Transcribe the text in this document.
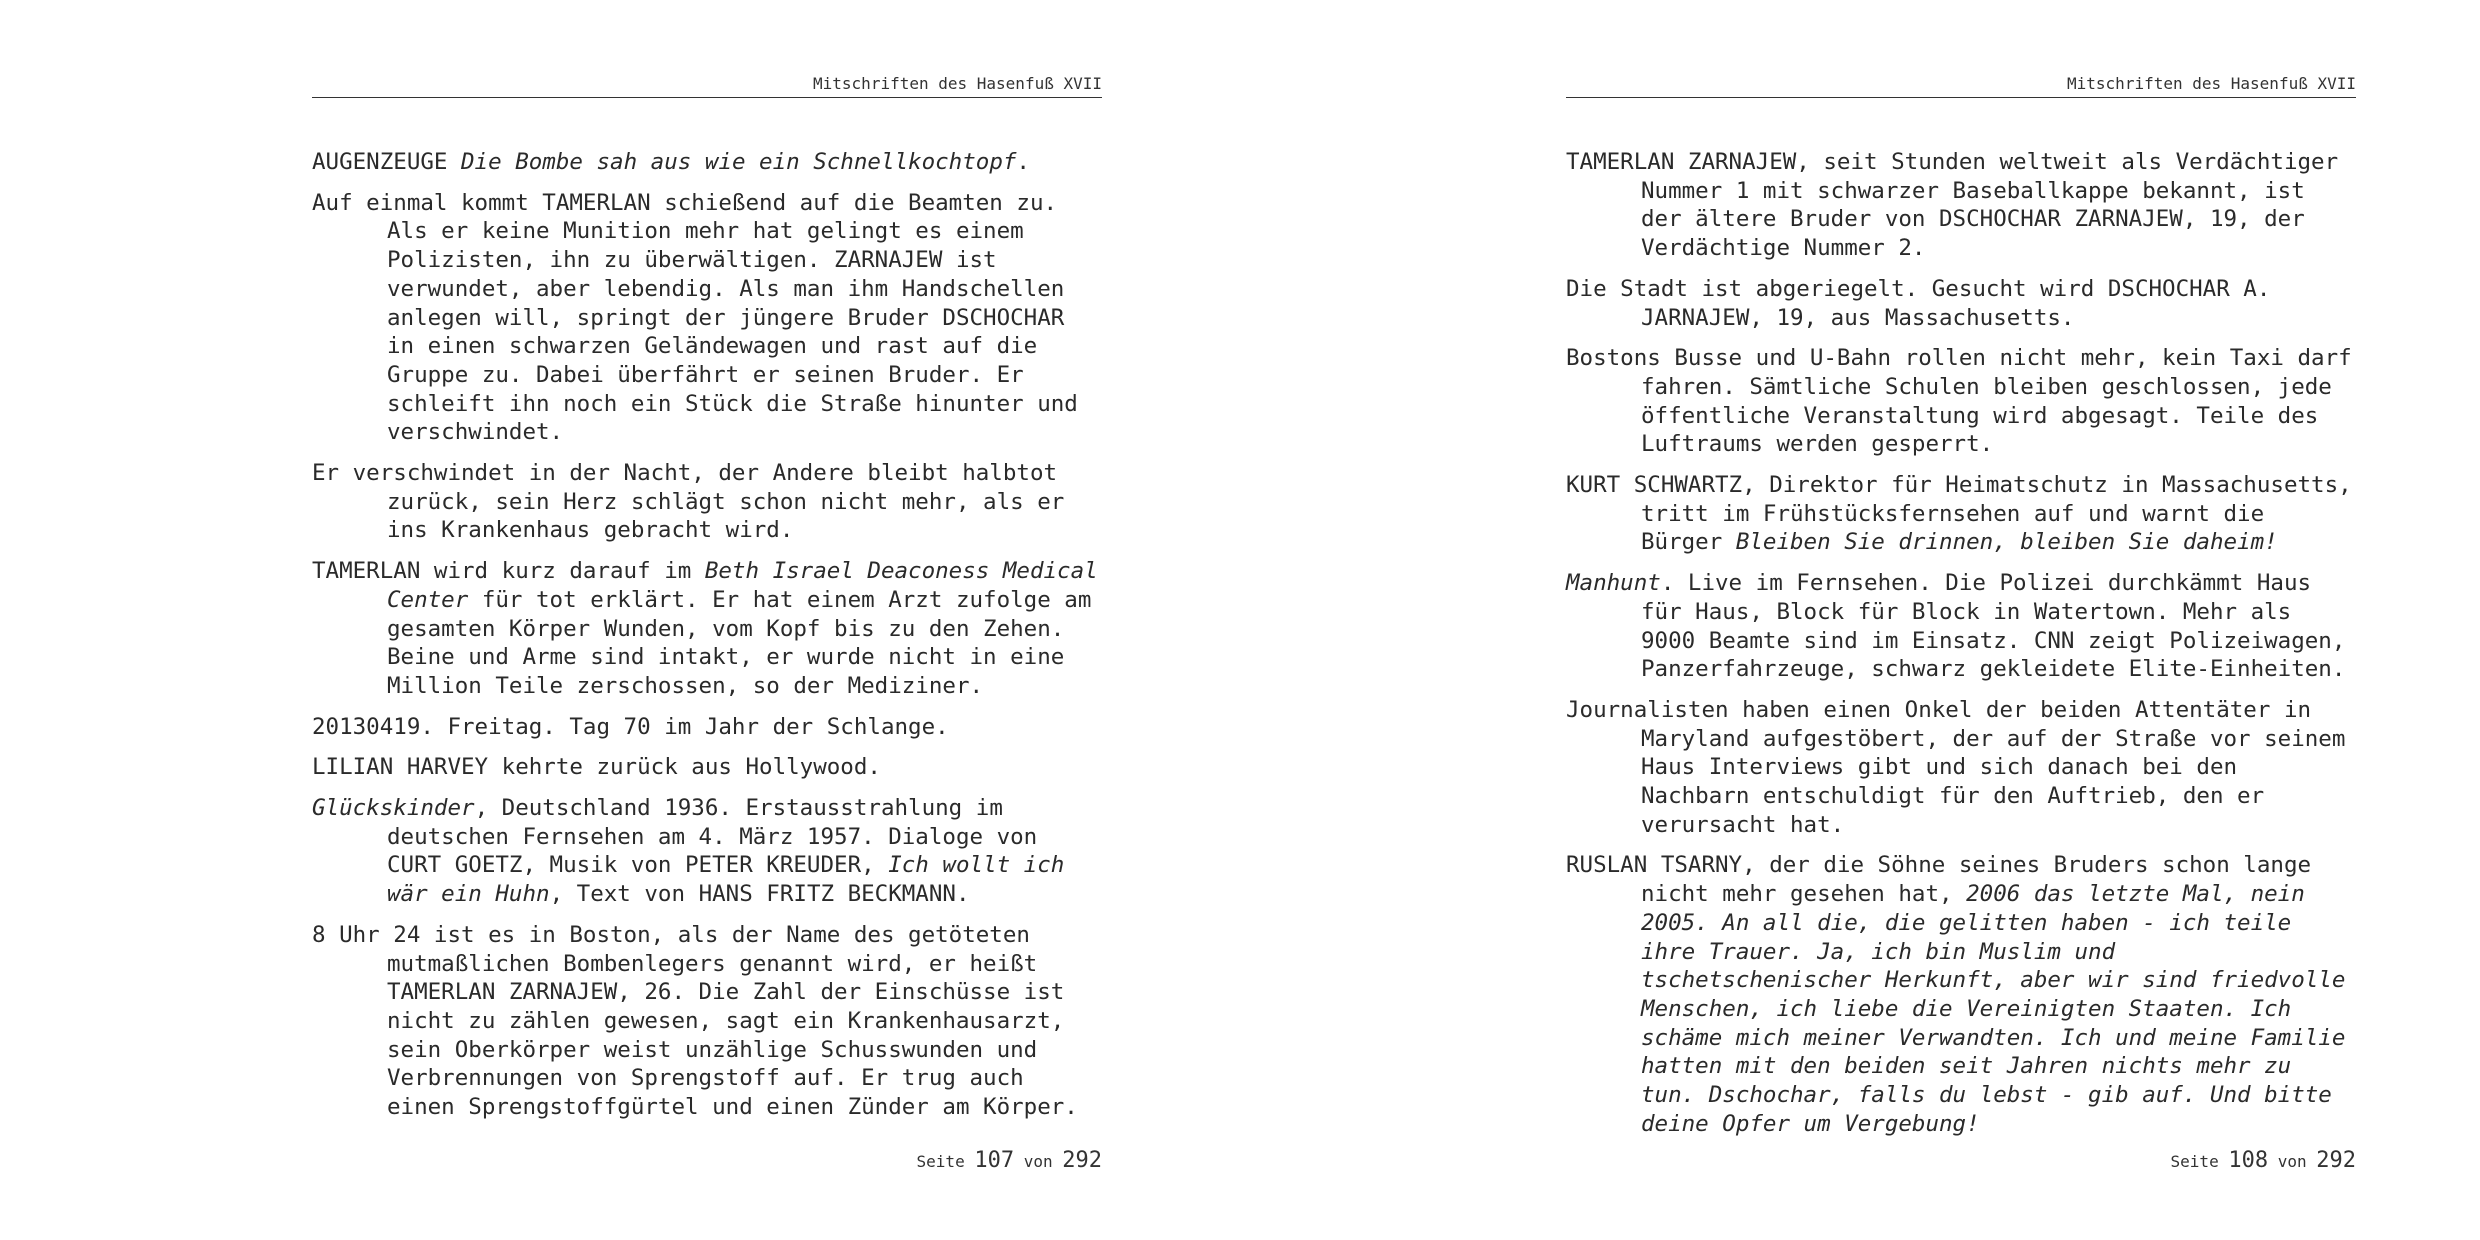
Mitschriften des Hasenfuß XVII

AUGENZEUGE Die Bombe sah aus wie ein Schnellkochtopf.

Auf einmal kommt TAMERLAN schießend auf die Beamten zu. Als er keine Munition mehr hat gelingt es einem Polizisten, ihn zu überwältigen. ZARNAJEW ist verwundet, aber lebendig. Als man ihm Handschellen anlegen will, springt der jüngere Bruder DSCHOCHAR in einen schwarzen Geländewagen und rast auf die Gruppe zu. Dabei überfährt er seinen Bruder. Er schleift ihn noch ein Stück die Straße hinunter und verschwindet.

Er verschwindet in der Nacht, der Andere bleibt halbtot zurück, sein Herz schlägt schon nicht mehr, als er ins Krankenhaus gebracht wird.

TAMERLAN wird kurz darauf im Beth Israel Deaconess Medical Center für tot erklärt. Er hat einem Arzt zufolge am gesamten Körper Wunden, vom Kopf bis zu den Zehen. Beine und Arme sind intakt, er wurde nicht in eine Million Teile zerschossen, so der Mediziner.

20130419. Freitag. Tag 70 im Jahr der Schlange.

LILIAN HARVEY kehrte zurück aus Hollywood.

Glückskinder, Deutschland 1936. Erstausstrahlung im deutschen Fernsehen am 4. März 1957. Dialoge von CURT GOETZ, Musik von PETER KREUDER, Ich wollt ich wär ein Huhn, Text von HANS FRITZ BECKMANN.

8 Uhr 24 ist es in Boston, als der Name des getöteten mutmaßlichen Bombenlegers genannt wird, er heißt TAMERLAN ZARNAJEW, 26. Die Zahl der Einschüsse ist nicht zu zählen gewesen, sagt ein Krankenhausarzt, sein Oberkörper weist unzählige Schusswunden und Verbrennungen von Sprengstoff auf. Er trug auch einen Sprengstoffgürtel und einen Zünder am Körper.

Seite 107 von 292
Mitschriften des Hasenfuß XVII

TAMERLAN ZARNAJEW, seit Stunden weltweit als Verdächtiger Nummer 1 mit schwarzer Baseballkappe bekannt, ist der ältere Bruder von DSCHOCHAR ZARNAJEW, 19, der Verdächtige Nummer 2.

Die Stadt ist abgeriegelt. Gesucht wird DSCHOCHAR A. JARNAJEW, 19, aus Massachusetts.

Bostons Busse und U-Bahn rollen nicht mehr, kein Taxi darf fahren. Sämtliche Schulen bleiben geschlossen, jede öffentliche Veranstaltung wird abgesagt. Teile des Luftraums werden gesperrt.

KURT SCHWARTZ, Direktor für Heimatschutz in Massachusetts, tritt im Frühstücksfernsehen auf und warnt die Bürger Bleiben Sie drinnen, bleiben Sie daheim!

Manhunt. Live im Fernsehen. Die Polizei durchkämmt Haus für Haus, Block für Block in Watertown. Mehr als 9000 Beamte sind im Einsatz. CNN zeigt Polizeiwagen, Panzerfahrzeuge, schwarz gekleidete Elite-Einheiten.

Journalisten haben einen Onkel der beiden Attentäter in Maryland aufgestöbert, der auf der Straße vor seinem Haus Interviews gibt und sich danach bei den Nachbarn entschuldigt für den Auftrieb, den er verursacht hat.

RUSLAN TSARNY, der die Söhne seines Bruders schon lange nicht mehr gesehen hat, 2006 das letzte Mal, nein 2005. An all die, die gelitten haben - ich teile ihre Trauer. Ja, ich bin Muslim und tschetschenischer Herkunft, aber wir sind friedvolle Menschen, ich liebe die Vereinigten Staaten. Ich schäme mich meiner Verwandten. Ich und meine Familie hatten mit den beiden seit Jahren nichts mehr zu tun. Dschochar, falls du lebst - gib auf. Und bitte deine Opfer um Vergebung!

Seite 108 von 292
